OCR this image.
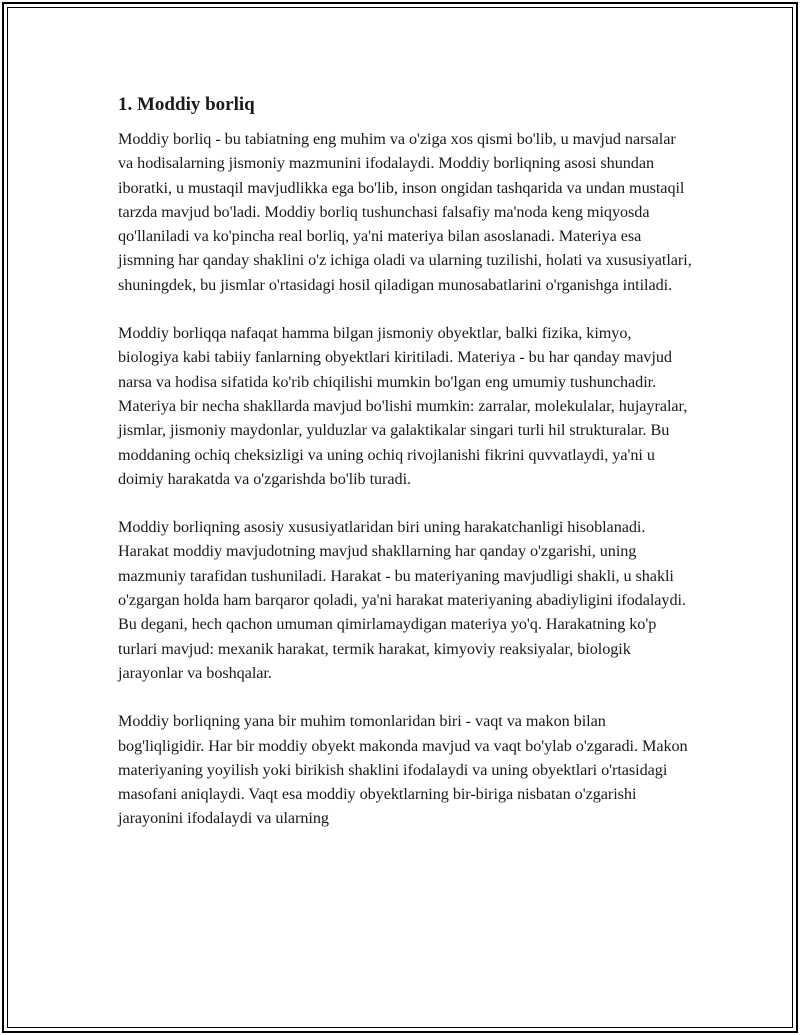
1. Moddiy borliq

Moddiy borliq - bu tabiatning eng muhim va o'ziga xos qismi bo'lib, u mavjud narsalar va hodisalarning jismoniy mazmunini ifodalaydi. Moddiy borliqning asosi shundan iboratki, u mustaqil mavjudlikka ega bo'lib, inson ongidan tashqarida va undan mustaqil tarzda mavjud bo'ladi. Moddiy borliq tushunchasi falsafiy ma'noda keng miqyosda qo'llaniladi va ko'pincha real borliq, ya'ni materiya bilan asoslanadi. Materiya esa jismning har qanday shaklini o'z ichiga oladi va ularning tuzilishi, holati va xususiyatlari, shuningdek, bu jismlar o'rtasidagi hosil qiladigan munosabatlarini o'rganishga intiladi.

Moddiy borliqqa nafaqat hamma bilgan jismoniy obyektlar, balki fizika, kimyo, biologiya kabi tabiiy fanlarning obyektlari kiritiladi. Materiya - bu har qanday mavjud narsa va hodisa sifatida ko'rib chiqilishi mumkin bo'lgan eng umumiy tushunchadir. Materiya bir necha shakllarda mavjud bo'lishi mumkin: zarralar, molekulalar, hujayralar, jismlar, jismoniy maydonlar, yulduzlar va galaktikalar singari turli hil strukturalar. Bu moddaning ochiq cheksizligi va uning ochiq rivojlanishi fikrini quvvatlaydi, ya'ni u doimiy harakatda va o'zgarishda bo'lib turadi.

Moddiy borliqning asosiy xususiyatlaridan biri uning harakatchanligi hisoblanadi. Harakat moddiy mavjudotning mavjud shakllarning har qanday o'zgarishi, uning mazmuniy tarafidan tushuniladi. Harakat - bu materiyaning mavjudligi shakli, u shakli o'zgargan holda ham barqaror qoladi, ya'ni harakat materiyaning abadiyligini ifodalaydi. Bu degani, hech qachon umuman qimirlamaydigan materiya yo'q. Harakatning ko'p turlari mavjud: mexanik harakat, termik harakat, kimyoviy reaksiyalar, biologik jarayonlar va boshqalar.

Moddiy borliqning yana bir muhim tomonlaridan biri - vaqt va makon bilan bog'liqligidir. Har bir moddiy obyekt makonda mavjud va vaqt bo'ylab o'zgaradi. Makon materiyaning yoyilish yoki birikish shaklini ifodalaydi va uning obyektlari o'rtasidagi masofani aniqlaydi. Vaqt esa moddiy obyektlarning bir-biriga nisbatan o'zgarishi jarayonini ifodalaydi va ularning
